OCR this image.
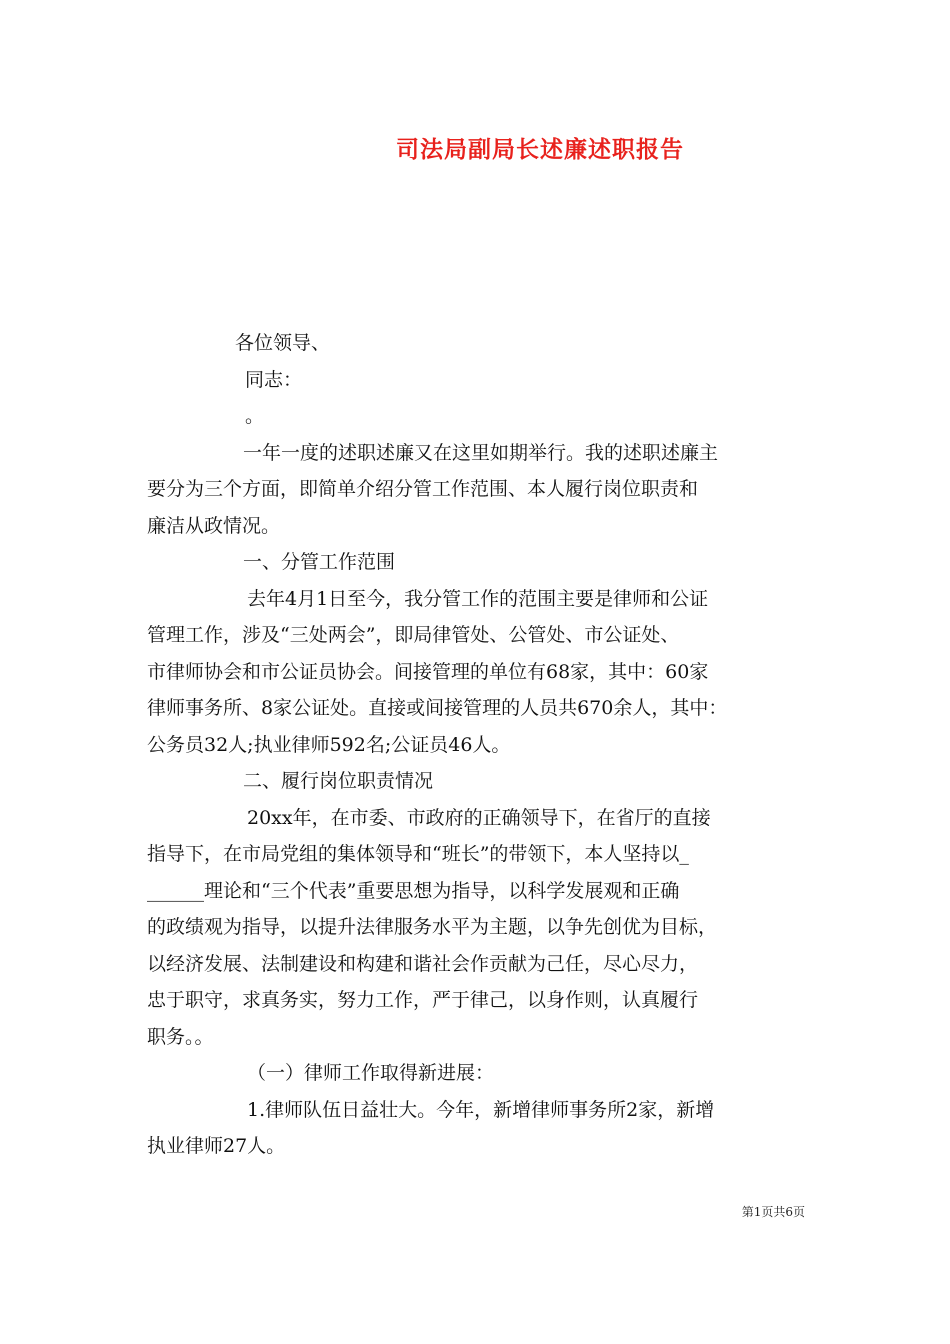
司法局副局长述廉述职报告
各位领导、
同志：
。
一年一度的述职述廉又在这里如期举行。我的述职述廉主
要分为三个方面，即简单介绍分管工作范围、本人履行岗位职责和
廉洁从政情况。
一、分管工作范围
去年4月1日至今，我分管工作的范围主要是律师和公证
管理工作，涉及“三处两会”，即局律管处、公管处、市公证处、
市律师协会和市公证员协会。间接管理的单位有68家，其中：60家
律师事务所、8家公证处。直接或间接管理的人员共670余人，其中：
公务员32人;执业律师592名;公证员46人。
二、履行岗位职责情况
20xx年，在市委、市政府的正确领导下，在省厅的直接
指导下，在市局党组的集体领导和“班长”的带领下，本人坚持以_
______理论和“三个代表”重要思想为指导，以科学发展观和正确
的政绩观为指导，以提升法律服务水平为主题，以争先创优为目标，
以经济发展、法制建设和构建和谐社会作贡献为己任，尽心尽力，
忠于职守，求真务实，努力工作，严于律己，以身作则，认真履行
职务。。
（一）律师工作取得新进展：
1.律师队伍日益壮大。今年，新增律师事务所2家，新增
执业律师27人。
第1页共6页
